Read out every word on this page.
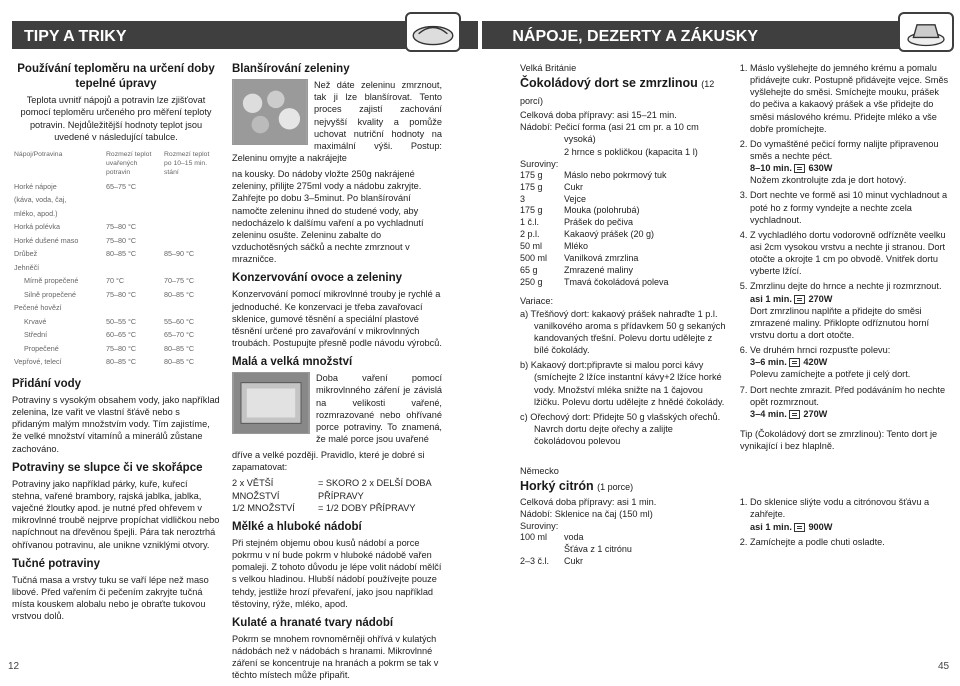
TIPY A TRIKY	NÁPOJE, DEZERTY A ZÁKUSKY
Používání teploměru na určení doby tepelné úpravy

Teplota uvnitř nápojů a potravin lze zjišťovat pomocí teploměru určeného pro měření teploty potravin. Nejdůležitější hodnoty teplot jsou uvedené v následující tabulce.

Nápoj/Potravina	Rozmezí teplot uvařených potravin	Rozmezí teplot po 10–15 min. stání
Horké nápoje	65–75 °C	
(káva, voda, čaj,		
mléko, apod.)		
Horká polévka	75–80 °C	
Horké dušené maso	75–80 °C	
Drůbež	80–85 °C	85–90 °C
Jehněčí		
Mírně propečené	70 °C	70–75 °C
Silně propečené	75–80 °C	80–85 °C
Pečené hovězí		
Krvavé	50–55 °C	55–60 °C
Střední	60–65 °C	65–70 °C
Propečené	75–80 °C	80–85 °C
Vepřové, telecí	80–85 °C	80–85 °C
Přidání vody

Potraviny s vysokým obsahem vody, jako například zelenina, lze vařit ve vlastní šťávě nebo s přidaným malým množstvím vody. Tím zajistíme, že velké množství vitamínů a minerálů zůstane zachováno.

Potraviny se slupce či ve skořápce

Potraviny jako například párky, kuře, kuřecí stehna, vařené brambory, rajská jablka, jablka, vaječné žloutky apod. je nutné před ohřevem v mikrovlnné troubě nejprve propíchat vidličkou nebo napíchnout na dřevěnou špejli. Pára tak neroztrhá ohřívanou potravinu, ale unikne vzniklými otvory.

Tučné potraviny

Tučná masa a vrstvy tuku se vaří lépe než maso libové. Před vařením či pečením zakryjte tučná místa kouskem alobalu nebo je obraťte tukovou vrstvou dolů.

Blanšírování zeleniny

Než dáte zeleninu zmrznout, tak ji lze blanšírovat. Tento proces zajistí zachování nejvyšší kvality a pomůže uchovat nutriční hodnoty na maximální výši. Postup: Zeleninu omyjte a nakrájejte

na kousky. Do nádoby vložte 250g nakrájené zeleniny, přilijte 275ml vody a nádobu zakryjte. Zahřejte po dobu 3–5minut. Po blanšírování namočte zeleninu ihned do studené vody, aby nedocházelo k dalšímu vaření a po vychladnutí zeleninu osušte. Zeleninu zabalte do vzduchotěsných sáčků a nechte zmrznout v mrazničce.

Konzervování ovoce a zeleniny

Konzervování pomocí mikrovlnné trouby je rychlé a jednoduché. Ke konzervaci je třeba zavařovací sklenice, gumové těsnění a speciální plastové těsnění určené pro zavařování v mikrovlnných troubách. Postupujte přesně podle návodu výrobců.

Malá a velká množství

Doba vaření pomocí mikrovlnného záření je závislá na velikosti vařené, rozmrazované nebo ohřívané porce potraviny. To znamená, že malé porce jsou uvařené

dříve a velké později. Pravidlo, které je dobré si zapamatovat:

2 x VĚTŠÍ MNOŽSTVÍ	= SKORO 2 x DELŠÍ DOBA PŘÍPRAVY
1/2 MNOŽSTVÍ	= 1/2 DOBY PŘÍPRAVY
Mělké a hluboké nádobí

Při stejném objemu obou kusů nádobí a porce pokrmu v ní bude pokrm v hluboké nádobě vařen pomaleji. Z tohoto důvodu je lépe volit nádobí mělčí s velkou hladinou. Hlubší nádobí používejte pouze tehdy, jestliže hrozí převaření, jako jsou například těstoviny, rýže, mléko, apod.

Kulaté a hranaté tvary nádobí

Pokrm se mnohem rovnoměrněji ohřívá v kulatých nádobách než v nádobách s hranami. Mikrovlnné záření se koncentruje na hranách a pokrm se tak v těchto místech může připařit.

Velká Británie

Čokoládový dort se zmrzlinou (12 porcí)

Celková doba přípravy: asi 15–21 min.

Nádobí: Pečicí forma (asi 21 cm pr. a 10 cm

vysoká)

2 hrnce s pokličkou (kapacita 1 l)

Suroviny:

175 g	Máslo nebo pokrmový tuk
175 g	Cukr
3	Vejce
175 g	Mouka (polohrubá)
1 č.l.	Prášek do pečiva
2 p.l.	Kakaový prášek (20 g)
50 ml	Mléko
500 ml	Vanilková zmrzlina
65 g	Zmrazené maliny
250 g	Tmavá čokoládová poleva

Variace:

a) Třešňový dort: kakaový prášek nahraďte 1 p.l. vanilkového aroma s přídavkem 50 g sekaných kandovaných třešní. Polevu dortu udělejte z bílé čokolády.

b) Kakaový dort:připravte si malou porci kávy (smíchejte 2 lžíce instantní kávy+2 lžíce horké vody. Množství mléka snižte na 1 čajovou lžičku. Polevu dortu udělejte z hnědé čokolády.

c) Ořechový dort: Přidejte 50 g vlašských ořechů. Navrch dortu dejte ořechy a zalijte čokoládovou polevou

Německo

Horký citrón (1 porce)

Celková doba přípravy: asi 1 min.

Nádobí: Sklenice na čaj (150 ml)

Suroviny:

100 ml	voda
	Šťáva z 1 citrónu
2–3 č.l.	Cukr
1. Máslo vyšlehejte do jemného krému a pomalu přidávejte cukr. Postupně přidávejte vejce. Směs vyšlehejte do směsi. Smíchejte mouku, prášek do pečiva a kakaový prášek a vše přidejte do směsi máslového krému. Přidejte mléko a vše dobře promíchejte.
2. Do vymaštěné pečicí formy nalijte připravenou směs a nechte péct.
8–10 min. 630W
Nožem zkontrolujte zda je dort hotový.
3. Dort nechte ve formě asi 10 minut vychladnout a poté ho z formy vyndejte a nechte zcela vychladnout.
4. Z vychladlého dortu vodorovně odřízněte veelku asi 2cm vysokou vrstvu a nechte ji stranou. Dort otočte a okrojte 1 cm po obvodě. Vnitřek dortu vyberte lžící.
5. Zmrzlinu dejte do hrnce a nechte ji rozmrznout.
asi 1 min. 270W
Dort zmrzlinou naplňte a přidejte do směsi zmrazené maliny. Přiklopte odříznutou horní vrstvu dortu a dort otočte.
6. Ve druhém hrnci rozpusťte polevu:
3–6 min. 420W
Polevu zamíchejte a potřete ji celý dort.
7. Dort nechte zmrazit. Před podáváním ho nechte opět rozmrznout.
3–4 min. 270W

Tip (Čokoládový dort se zmrzlinou): Tento dort je vynikající i bez hlaplně.

1. Do sklenice sliýte vodu a citrónovou šťávu a zahřejte.
asi 1 min. 900W
2. Zamíchejte a podle chuti osladte.
12	45
